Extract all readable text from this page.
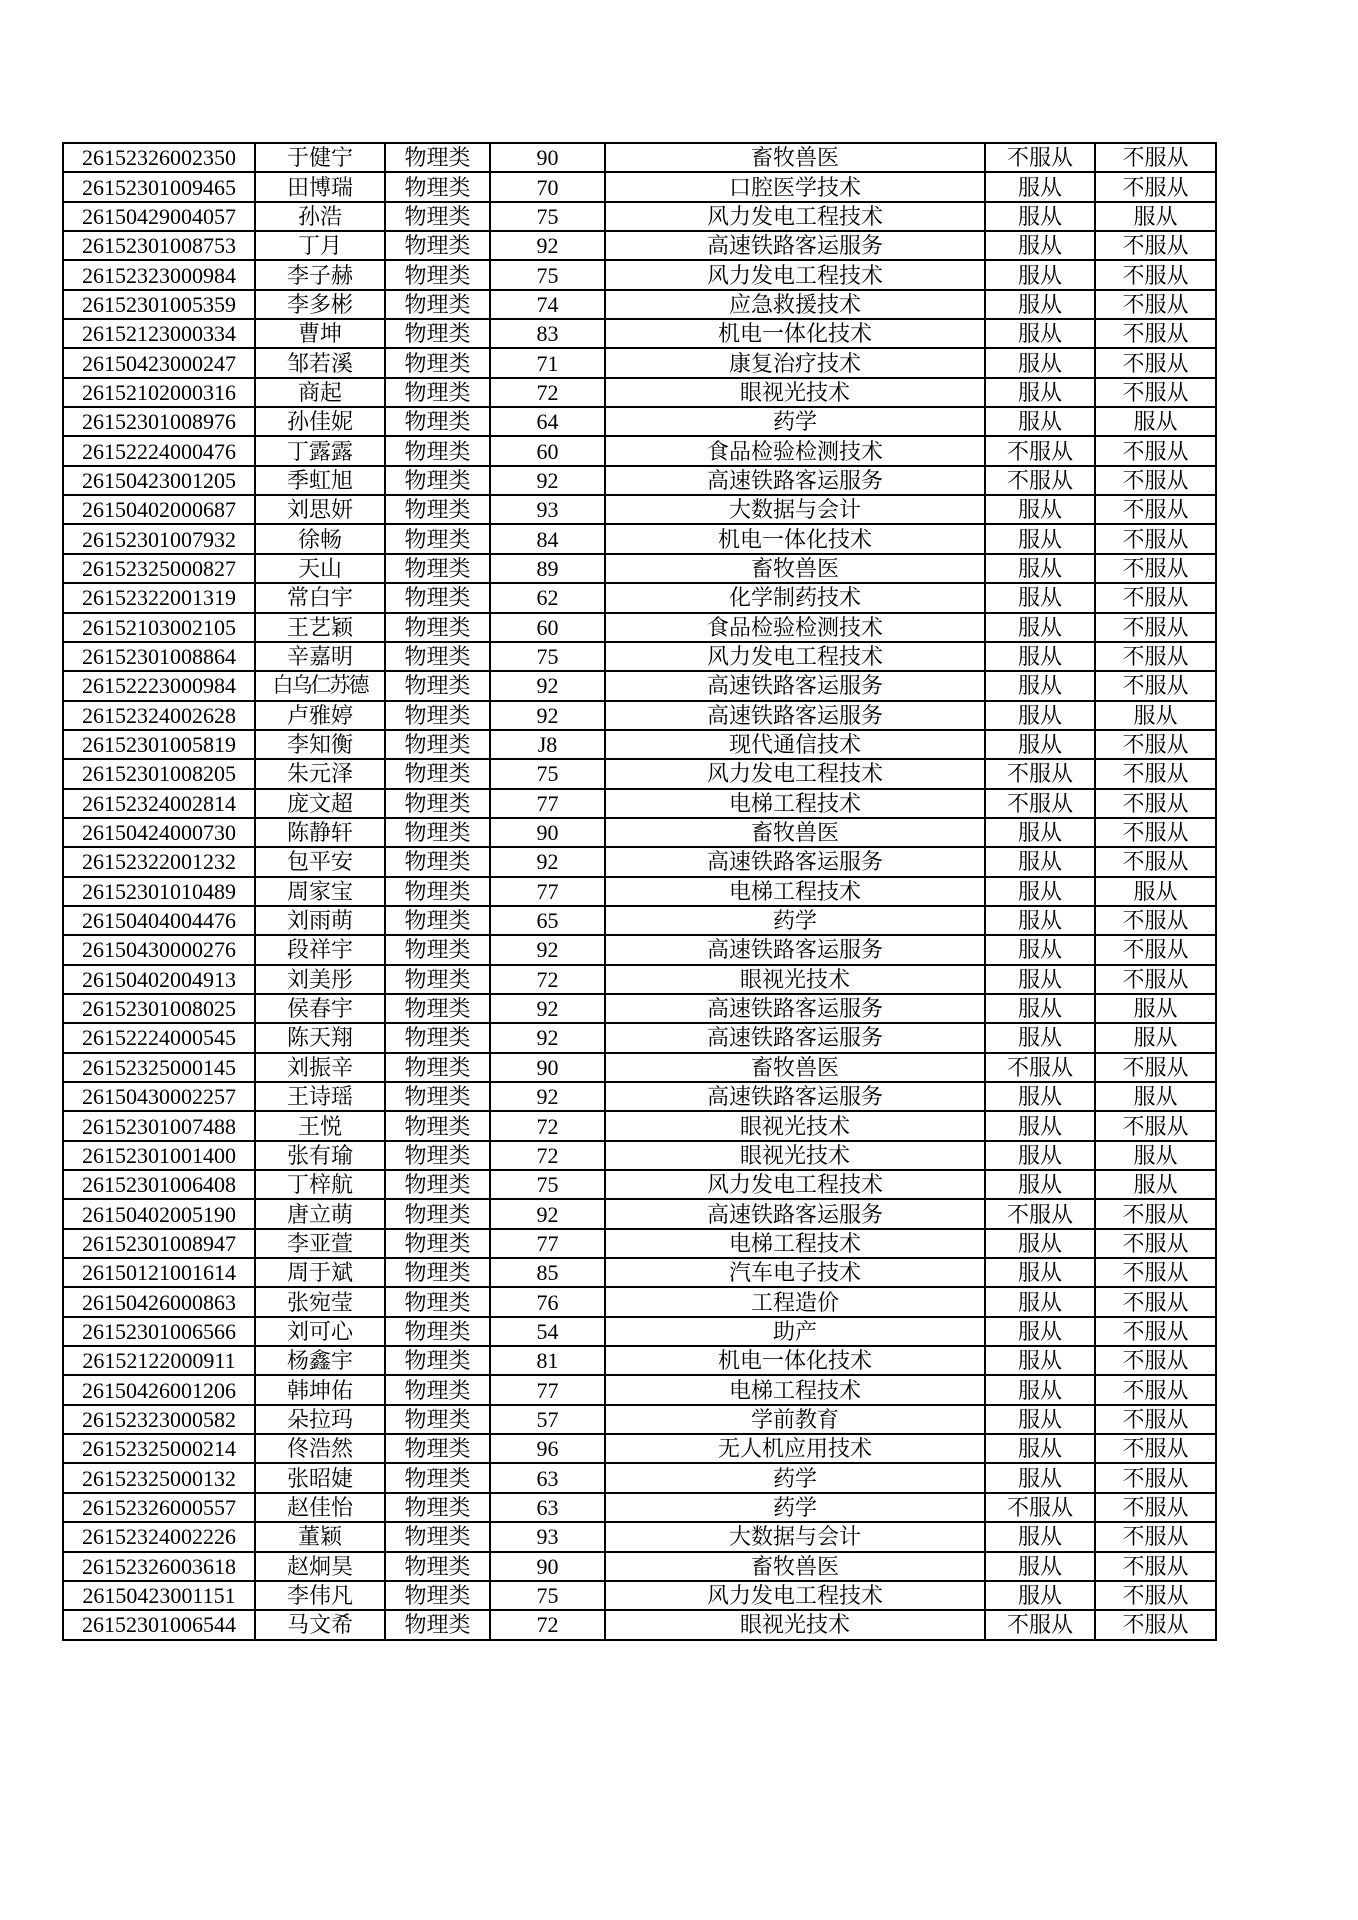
26152326002350	于健宁	物理类	90	畜牧兽医	不服从	不服从
26152301009465	田博瑞	物理类	70	口腔医学技术	服从	不服从
26150429004057	孙浩	物理类	75	风力发电工程技术	服从	服从
26152301008753	丁月	物理类	92	高速铁路客运服务	服从	不服从
26152323000984	李子赫	物理类	75	风力发电工程技术	服从	不服从
26152301005359	李多彬	物理类	74	应急救援技术	服从	不服从
26152123000334	曹坤	物理类	83	机电一体化技术	服从	不服从
26150423000247	邹若溪	物理类	71	康复治疗技术	服从	不服从
26152102000316	商起	物理类	72	眼视光技术	服从	不服从
26152301008976	孙佳妮	物理类	64	药学	服从	服从
26152224000476	丁露露	物理类	60	食品检验检测技术	不服从	不服从
26150423001205	季虹旭	物理类	92	高速铁路客运服务	不服从	不服从
26150402000687	刘思妍	物理类	93	大数据与会计	服从	不服从
26152301007932	徐畅	物理类	84	机电一体化技术	服从	不服从
26152325000827	天山	物理类	89	畜牧兽医	服从	不服从
26152322001319	常白宇	物理类	62	化学制药技术	服从	不服从
26152103002105	王艺颖	物理类	60	食品检验检测技术	服从	不服从
26152301008864	辛嘉明	物理类	75	风力发电工程技术	服从	不服从
26152223000984	白乌仁苏德	物理类	92	高速铁路客运服务	服从	不服从
26152324002628	卢雅婷	物理类	92	高速铁路客运服务	服从	服从
26152301005819	李知衡	物理类	J8	现代通信技术	服从	不服从
26152301008205	朱元泽	物理类	75	风力发电工程技术	不服从	不服从
26152324002814	庞文超	物理类	77	电梯工程技术	不服从	不服从
26150424000730	陈静轩	物理类	90	畜牧兽医	服从	不服从
26152322001232	包平安	物理类	92	高速铁路客运服务	服从	不服从
26152301010489	周家宝	物理类	77	电梯工程技术	服从	服从
26150404004476	刘雨萌	物理类	65	药学	服从	不服从
26150430000276	段祥宇	物理类	92	高速铁路客运服务	服从	不服从
26150402004913	刘美彤	物理类	72	眼视光技术	服从	不服从
26152301008025	侯春宇	物理类	92	高速铁路客运服务	服从	服从
26152224000545	陈天翔	物理类	92	高速铁路客运服务	服从	服从
26152325000145	刘振辛	物理类	90	畜牧兽医	不服从	不服从
26150430002257	王诗瑶	物理类	92	高速铁路客运服务	服从	服从
26152301007488	王悦	物理类	72	眼视光技术	服从	不服从
26152301001400	张有瑜	物理类	72	眼视光技术	服从	服从
26152301006408	丁梓航	物理类	75	风力发电工程技术	服从	服从
26150402005190	唐立萌	物理类	92	高速铁路客运服务	不服从	不服从
26152301008947	李亚萱	物理类	77	电梯工程技术	服从	不服从
26150121001614	周于斌	物理类	85	汽车电子技术	服从	不服从
26150426000863	张宛莹	物理类	76	工程造价	服从	不服从
26152301006566	刘可心	物理类	54	助产	服从	不服从
26152122000911	杨鑫宇	物理类	81	机电一体化技术	服从	不服从
26150426001206	韩坤佑	物理类	77	电梯工程技术	服从	不服从
26152323000582	朵拉玛	物理类	57	学前教育	服从	不服从
26152325000214	佟浩然	物理类	96	无人机应用技术	服从	不服从
26152325000132	张昭婕	物理类	63	药学	服从	不服从
26152326000557	赵佳怡	物理类	63	药学	不服从	不服从
26152324002226	董颖	物理类	93	大数据与会计	服从	不服从
26152326003618	赵炯昊	物理类	90	畜牧兽医	服从	不服从
26150423001151	李伟凡	物理类	75	风力发电工程技术	服从	不服从
26152301006544	马文希	物理类	72	眼视光技术	不服从	不服从
